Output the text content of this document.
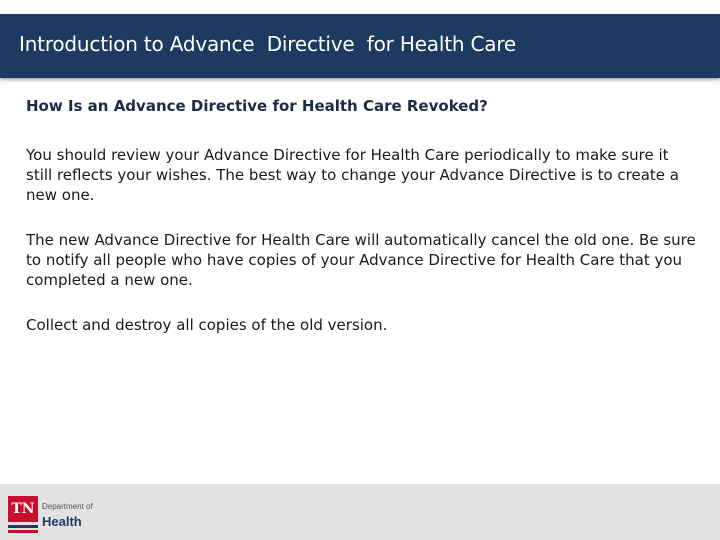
Introduction to Advance  Directive  for Health Care

How Is an Advance Directive for Health Care Revoked?

You should review your Advance Directive for Health Care periodically to make sure it still reflects your wishes. The best way to change your Advance Directive is to create a new one.

The new Advance Directive for Health Care will automatically cancel the old one. Be sure to notify all people who have copies of your Advance Directive for Health Care that you completed a new one.

Collect and destroy all copies of the old version.

TN Department of
Health
